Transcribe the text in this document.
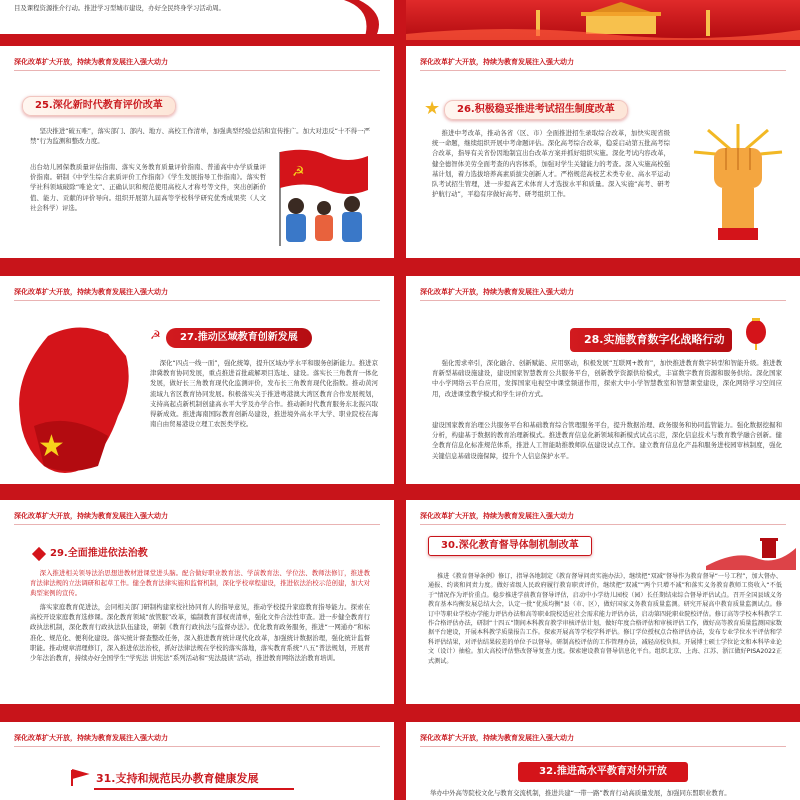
目及课程资源推介行动。推进学习型城市建设，办好全民终身学习活动周。
深化改革扩大开放，持续为教育发展注入强大动力
25.深化新时代教育评价改革
坚决推进“破五唯”，落实部门、部内、地方、高校工作清单，加强典型经验总结和宣传推广。加大对违反“十不得一严禁”行为监测和整改力度。
出台幼儿园保教质量评估指南、落实义务教育质量评价指南、普通高中办学质量评价指南。研制《中学生综合素质评价工作指南》《学生发展指导工作指南》。落实哲学社科领域破除“唯论文”、正确认识和规范使用高校人才称号等文件，突出创新价值、能力、贡献的评价导向。组织开展第九届高等学校科学研究优秀成果奖（人文社会科学）评选。
☭
深化改革扩大开放，持续为教育发展注入强大动力
★	26.积极稳妥推进考试招生制度改革
推进中考改革，推动各省（区、市）全面推进招生录取综合改革，加快实现省级统一命题，继续组织开展中考命题评估。深化高考综合改革，稳妥启动第五批高考综合改革，指导有关省份因地制宜出台改革方案并抓好组织实施。深化考试内容改革，健全德智体美劳全面考查的内容体系，加强对学生关键能力的考查。深入实施高校强基计划，着力选拔培养高素质拔尖创新人才。严格规范高校艺术类专业、高水平运动队考试招生管理，进一步提高艺术体育人才选拔水平和质量。深入实施“高考、研考护航行动”，平稳有序做好高考、研考组织工作。
深化改革扩大开放，持续为教育发展注入强大动力
★
27.推动区域教育创新发展
☭
深化“四点一线一面”，强化统筹，提升区域办学水平和服务创新能力。推进京津冀教育协同发展，重点推进首批疏解项目选址、建设。落实长三角教育一体化发展，做好长三角教育现代化监测评价，发布长三角教育现代化指数。推动黄河流域九省区教育协同发展。积极落实关于推进粤港澳大湾区教育合作发展规划，支持高起点新机制创建高水平大学及办学合作。推动新时代教育服务东北振兴取得新成效。推进海南国际教育创新岛建设，推进境外高水平大学、职业院校在海南自由贸易港设立理工农医类学校。
深化改革扩大开放，持续为教育发展注入强大动力
28.实施教育数字化战略行动
强化需求牵引，深化融合、创新赋能、应用驱动，积极发展“互联网+教育”，加快推进教育数字转型和智能升级。推进教育新型基础设施建设，建设国家智慧教育公共服务平台，创新教学资源供给模式，丰富数字教育资源和服务供给。深化国家中小学网络云平台应用，发挥国家电视空中课堂频道作用，探索大中小学智慧教室和智慧课堂建设，深化网络学习空间应用，改进课堂教学模式和学生评价方式。
建设国家教育治理公共服务平台和基础教育综合管理服务平台，提升数据治理、政务服务和协同监管能力。强化数据挖掘和分析，构建基于数据的教育治理新模式。推进教育信息化新领域和新模式试点示范，深化信息技术与教育教学融合创新。健全教育信息化标准规范体系，推进人工智能助推教师队伍建设试点工作。建立教育信息化产品和服务进校园审核制度，强化关键信息基础设施保障，提升个人信息保护水平。
深化改革扩大开放，持续为教育发展注入强大动力
29.全面推进依法治教
深入推进相关领导法治思想进教材进课堂进头脑。配合做好职业教育法、学前教育法、学位法、教师法修订，推进教育法律法规的立法调研和起草工作。健全教育法律实施和监督机制，深化学校章程建设，推进依法治校示范创建，加大对典型案例的宣传。
落实家庭教育促进法，会同相关部门研制构建家校社协同育人的指导意见，推动学校提升家庭教育指导能力。探索在高校开设家庭教育选修课。深化教育领域“放管服”改革，编制教育部权责清单，强化文件合法性审查。进一步健全教育行政执法机制，深化教育行政执法队伍建设，研制《教育行政执法与监督办法》。优化教育政务服务，推进“一网通办”和标准化、规范化、便利化建设。落实统计督查整改任务，深入推进教育统计现代化改革，加强统计数据治理，强化统计监督职能。推动规章清理修订，深入推进依法治校，抓好法律法规在学校的落实落地，落实教育系统“八五”普法规划，开展青少年法治教育，持续办好全国学生“学宪法 讲宪法”系列活动和“宪法晨读”活动，推进教育网络法治教育培训。
深化改革扩大开放，持续为教育发展注入强大动力
30.深化教育督导体制机制改革
推进《教育督导条例》修订，指导各地制定《教育督导问责实施办法》，继续把“双减”督导作为教育督导“一号工程”，加大督办、通报、约谈和问责力度。做好省级人民政府履行教育职责评价，继续把“双减”“两个只增不减”和落实义务教育教师工资收入“不低于”情况作为评价重点。稳步推进学前教育督导评估，启动中小学幼儿园校（园）长任期结束综合督导评估试点。召开全国县域义务教育基本均衡发展总结大会，认定一批“优质均衡”县（市、区），做好国家义务教育质量监测。研究开展高中教育质量监测试点。修订中等职业学校办学能力评估办法和高等职业院校适应社会需求能力评估办法，启动第四轮职业院校评估。修订高等学校本科教学工作合格评估办法，研制“十四五”期间本科教育教学审核评估计划，做好年度合格评估和审核评估工作，做好高等教育质量监测国家数据平台建设，开展本科教学质量报告工作。探索开展高等学校学科评估。修订学位授权点合格评估办法，发布专业学位水平评估和学科评估结果，对评估结果较差的单位予以督导。研制高校评估的工作管理办法，减轻高校负担。开展博士硕士学位论文和本科毕业论文（设计）抽检。加大高校评估整改督导复查力度。探索建设教育督导信息化平台。组织北京、上海、江苏、浙江做好PISA2022正式测试。
深化改革扩大开放，持续为教育发展注入强大动力
31.支持和规范民办教育健康发展
深化改革扩大开放，持续为教育发展注入强大动力
32.推进高水平教育对外开放
举办中外高等院校文化与教育交流机制，推进共建“一带一路”教育行动高质量发展，加强同东盟职业教育。
